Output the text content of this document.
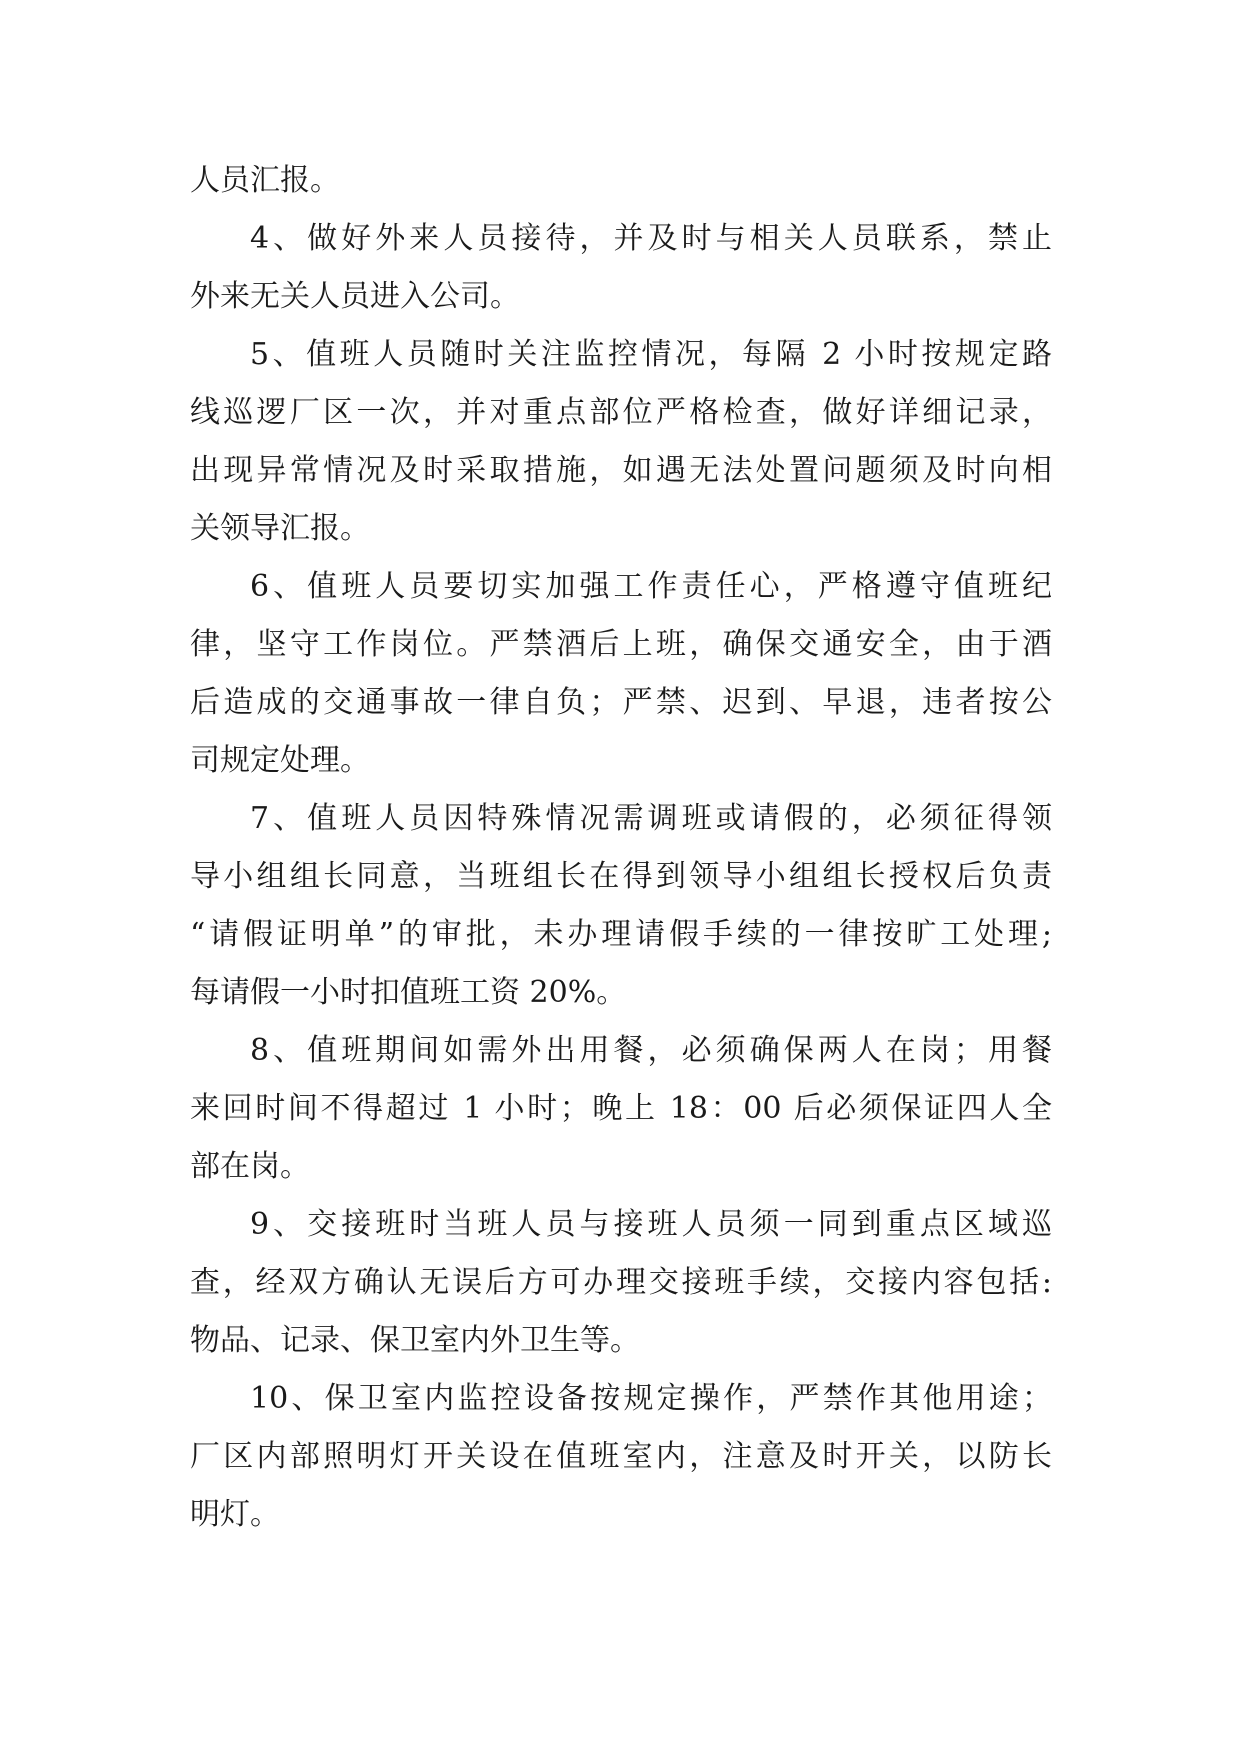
人员汇报。
4、做好外来人员接待，并及时与相关人员联系，禁止
外来无关人员进入公司。
5、值班人员随时关注监控情况，每隔 2 小时按规定路
线巡逻厂区一次，并对重点部位严格检查，做好详细记录，
出现异常情况及时采取措施，如遇无法处置问题须及时向相
关领导汇报。
6、值班人员要切实加强工作责任心，严格遵守值班纪
律，坚守工作岗位。严禁酒后上班，确保交通安全，由于酒
后造成的交通事故一律自负；严禁、迟到、早退，违者按公
司规定处理。
7、值班人员因特殊情况需调班或请假的，必须征得领
导小组组长同意，当班组长在得到领导小组组长授权后负责
“请假证明单”的审批，未办理请假手续的一律按旷工处理;
每请假一小时扣值班工资 20%。
8、值班期间如需外出用餐，必须确保两人在岗；用餐
来回时间不得超过 1 小时；晚上 18：00 后必须保证四人全
部在岗。
9、交接班时当班人员与接班人员须一同到重点区域巡
查，经双方确认无误后方可办理交接班手续，交接内容包括:
物品、记录、保卫室内外卫生等。
10、保卫室内监控设备按规定操作，严禁作其他用途；
厂区内部照明灯开关设在值班室内，注意及时开关，以防长
明灯。
